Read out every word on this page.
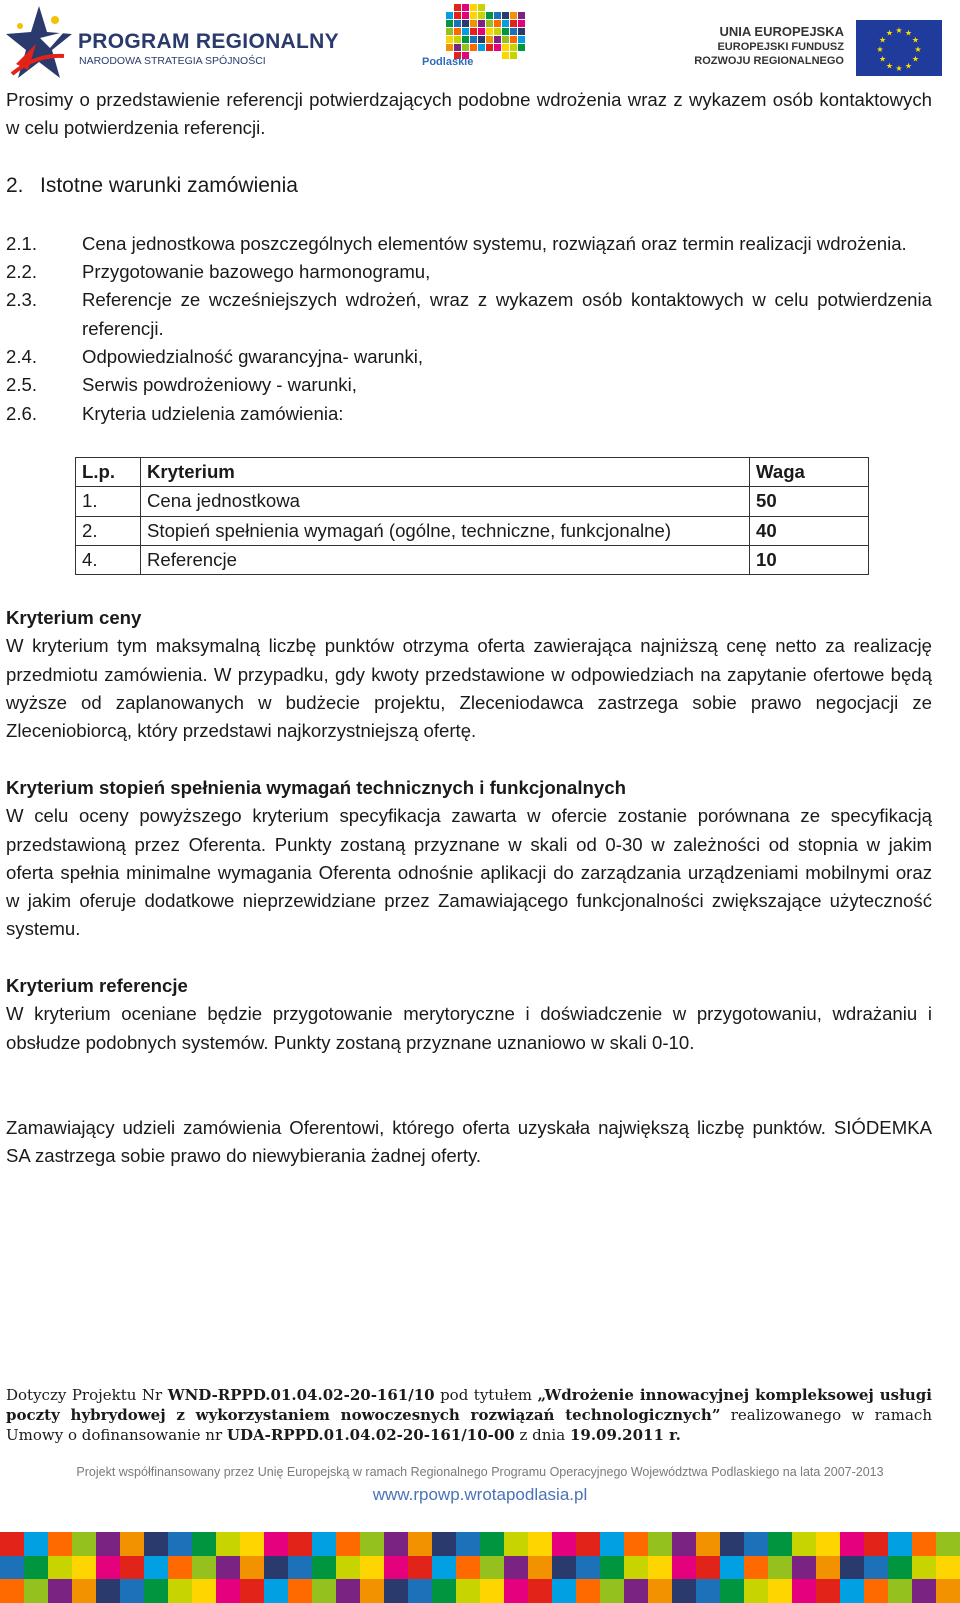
PROGRAM REGIONALNY
NARODOWA STRATEGIA SPÓJNOŚCI	Podlaskie
UNIA EUROPEJSKA
EUROPEJSKI FUNDUSZ
ROZWOJU REGIONALNEGO
★
★
★
★
★
★
★
★
★ ★ ★
★

Prosimy o przedstawienie referencji potwierdzających podobne wdrożenia wraz z wykazem osób kontaktowych w celu potwierdzenia referencji.

2. Istotne warunki zamówienia
2.1.	Cena jednostkowa poszczególnych elementów systemu, rozwiązań oraz termin realizacji wdrożenia.
2.2.	Przygotowanie bazowego harmonogramu,
2.3.	Referencje ze wcześniejszych wdrożeń, wraz z wykazem osób kontaktowych w celu potwierdzenia referencji.
2.4.	Odpowiedzialność gwarancyjna- warunki,
2.5.	Serwis powdrożeniowy - warunki,
2.6.	Kryteria udzielenia zamówienia:
L.p.	Kryterium	Waga
1.	Cena jednostkowa	50
2.	Stopień spełnienia wymagań (ogólne, techniczne, funkcjonalne)	40
4.	Referencje	10

Kryterium ceny

W kryterium tym maksymalną liczbę punktów otrzyma oferta zawierająca najniższą cenę netto za realizację przedmiotu zamówienia. W przypadku, gdy kwoty przedstawione w odpowiedziach na zapytanie ofertowe będą wyższe od zaplanowanych w budżecie projektu, Zleceniodawca zastrzega sobie prawo negocjacji ze Zleceniobiorcą, który przedstawi najkorzystniejszą ofertę.

Kryterium stopień spełnienia wymagań technicznych i funkcjonalnych

W celu oceny powyższego kryterium specyfikacja zawarta w ofercie zostanie porównana ze specyfikacją przedstawioną przez Oferenta. Punkty zostaną przyznane w skali od 0-30 w zależności od stopnia w jakim oferta spełnia minimalne wymagania Oferenta odnośnie aplikacji do zarządzania urządzeniami mobilnymi oraz w jakim oferuje dodatkowe nieprzewidziane przez Zamawiającego funkcjonalności zwiększające użyteczność systemu.

Kryterium referencje

W kryterium oceniane będzie przygotowanie merytoryczne i doświadczenie w przygotowaniu, wdrażaniu i obsłudze podobnych systemów. Punkty zostaną przyznane uznaniowo w skali 0-10.

Zamawiający udzieli zamówienia Oferentowi, którego oferta uzyskała największą liczbę punktów. SIÓDEMKA SA zastrzega sobie prawo do niewybierania żadnej oferty.

Dotyczy Projektu Nr WND-RPPD.01.04.02-20-161/10 pod tytułem „Wdrożenie innowacyjnej kompleksowej usługi poczty hybrydowej z wykorzystaniem nowoczesnych rozwiązań technologicznych” realizowanego w ramach Umowy o dofinansowanie nr UDA-RPPD.01.04.02-20-161/10-00 z dnia 19.09.2011 r.
Projekt współfinansowany przez Unię Europejską w ramach Regionalnego Programu Operacyjnego Województwa Podlaskiego na lata 2007-2013
www.rpowp.wrotapodlasia.pl
